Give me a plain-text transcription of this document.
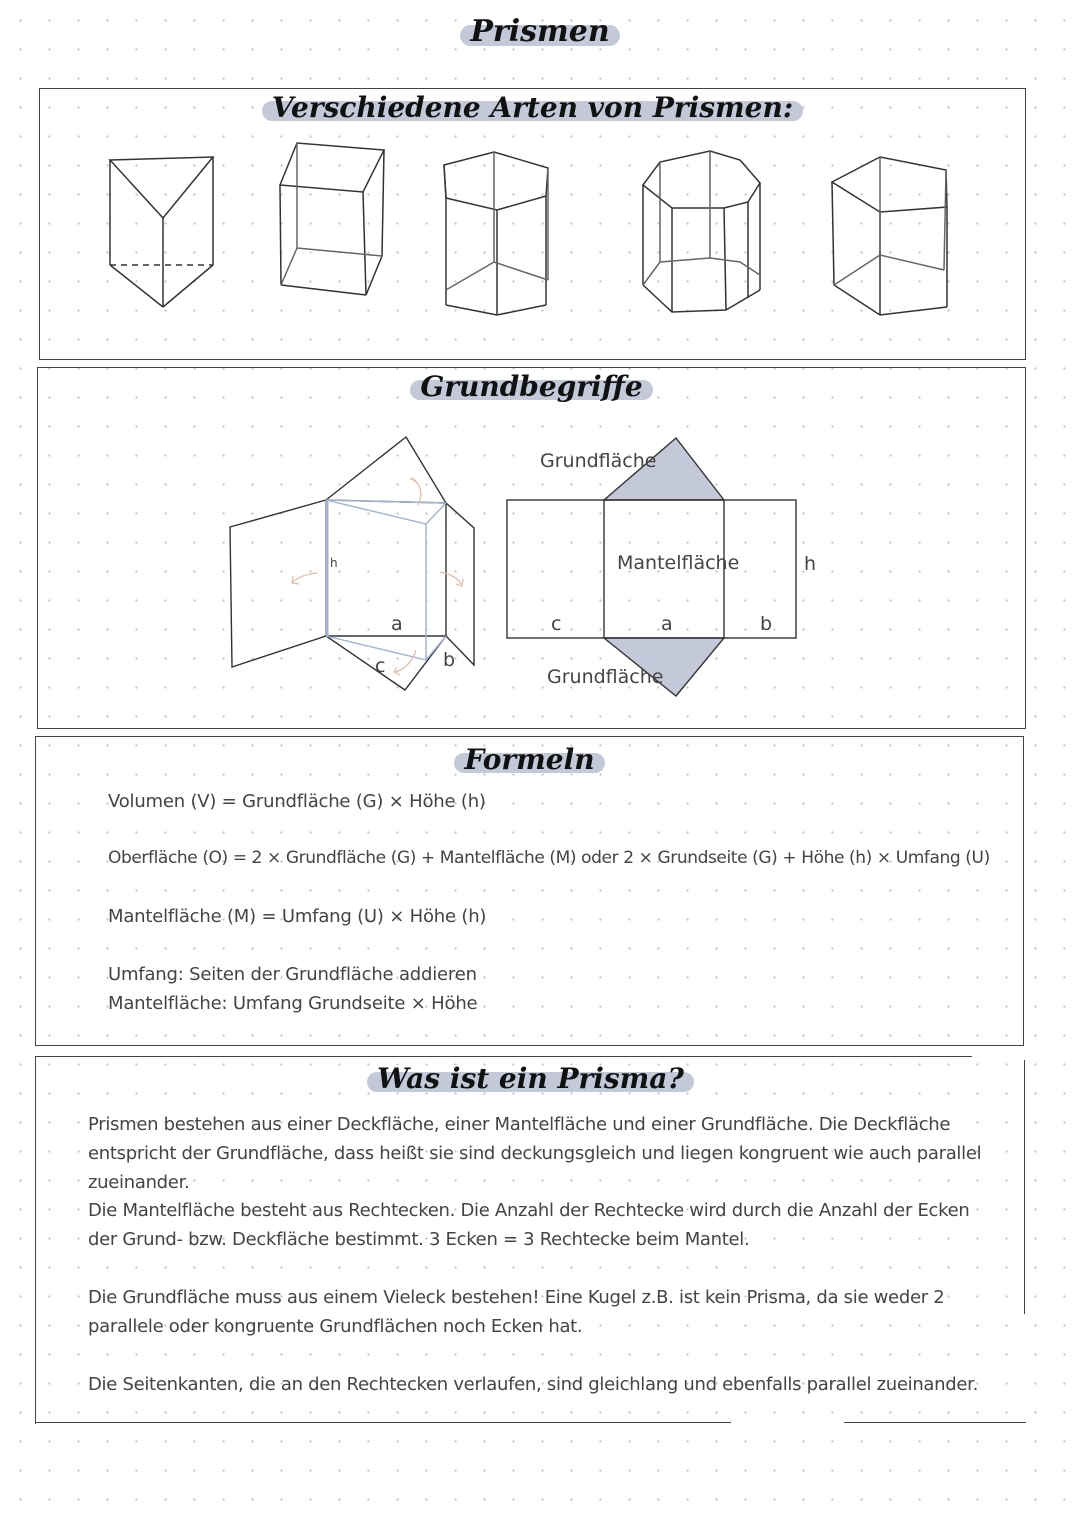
Prismen
Verschiedene Arten von Prismen:
Grundbegriffe
h
a
c	b
Grundfläche
Mantelfläche	h
c	a	b
Grundfläche
Formeln
Volumen (V) = Grundfläche (G) × Höhe (h)
Oberfläche (O) = 2 × Grundfläche (G) + Mantelfläche (M) oder 2 × Grundseite (G) + Höhe (h) × Umfang (U)
Mantelfläche (M) = Umfang (U) × Höhe (h)
Umfang: Seiten der Grundfläche addieren
Mantelfläche: Umfang Grundseite × Höhe
Was ist ein Prisma?
Prismen bestehen aus einer Deckfläche, einer Mantelfläche und einer Grundfläche. Die Deckfläche entspricht der Grundfläche, dass heißt sie sind deckungsgleich und liegen kongruent wie auch parallel zueinander.
Die Mantelfläche besteht aus Rechtecken. Die Anzahl der Rechtecke wird durch die Anzahl der Ecken der Grund- bzw. Deckfläche bestimmt. 3 Ecken = 3 Rechtecke beim Mantel.
Die Grundfläche muss aus einem Vieleck bestehen! Eine Kugel z.B. ist kein Prisma, da sie weder 2 parallele oder kongruente Grundflächen noch Ecken hat.
Die Seitenkanten, die an den Rechtecken verlaufen, sind gleichlang und ebenfalls parallel zueinander.
